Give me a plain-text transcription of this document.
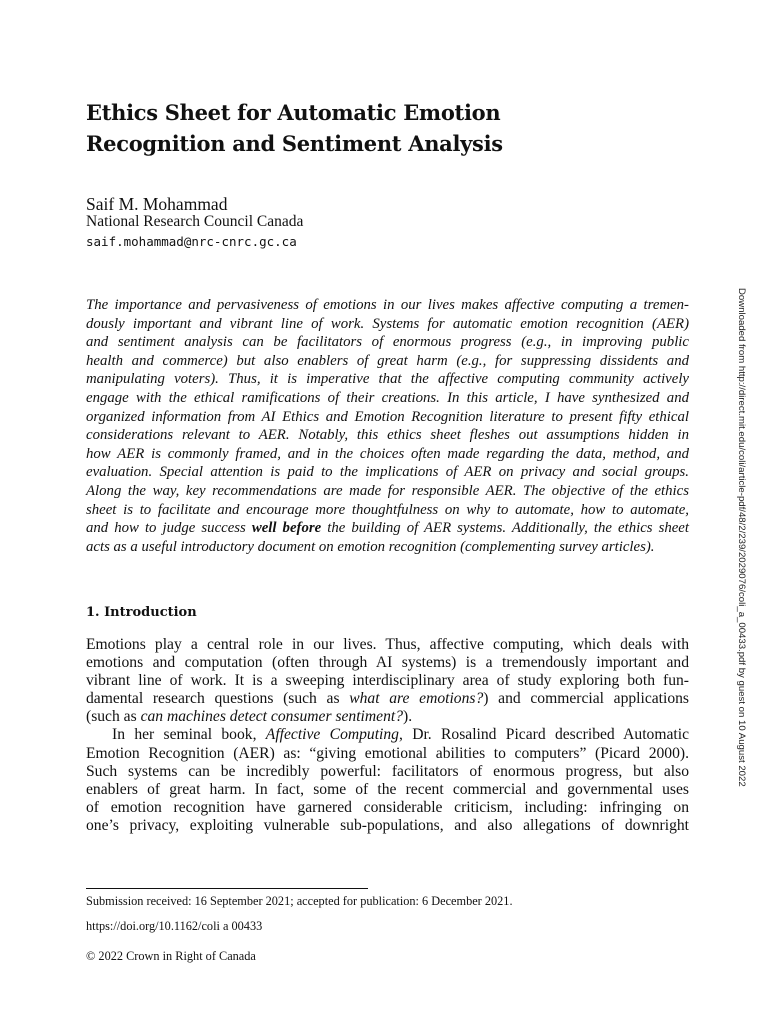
Ethics Sheet for Automatic Emotion
Recognition and Sentiment Analysis
Saif M. Mohammad
National Research Council Canada
saif.mohammad@nrc-cnrc.gc.ca
The importance and pervasiveness of emotions in our lives makes affective computing a tremen-
dously important and vibrant line of work. Systems for automatic emotion recognition (AER)
and sentiment analysis can be facilitators of enormous progress (e.g., in improving public
health and commerce) but also enablers of great harm (e.g., for suppressing dissidents and
manipulating voters). Thus, it is imperative that the affective computing community actively
engage with the ethical ramifications of their creations. In this article, I have synthesized and
organized information from AI Ethics and Emotion Recognition literature to present fifty ethical
considerations relevant to AER. Notably, this ethics sheet fleshes out assumptions hidden in
how AER is commonly framed, and in the choices often made regarding the data, method, and
evaluation. Special attention is paid to the implications of AER on privacy and social groups.
Along the way, key recommendations are made for responsible AER. The objective of the ethics
sheet is to facilitate and encourage more thoughtfulness on why to automate, how to automate,
and how to judge success well before the building of AER systems. Additionally, the ethics sheet
acts as a useful introductory document on emotion recognition (complementing survey articles).
1. Introduction
Emotions play a central role in our lives. Thus, affective computing, which deals with
emotions and computation (often through AI systems) is a tremendously important and
vibrant line of work. It is a sweeping interdisciplinary area of study exploring both fun-
damental research questions (such as what are emotions?) and commercial applications
(such as can machines detect consumer sentiment?).
In her seminal book, Affective Computing, Dr. Rosalind Picard described Automatic
Emotion Recognition (AER) as: “giving emotional abilities to computers” (Picard 2000).
Such systems can be incredibly powerful: facilitators of enormous progress, but also
enablers of great harm. In fact, some of the recent commercial and governmental uses
of emotion recognition have garnered considerable criticism, including: infringing on
one’s privacy, exploiting vulnerable sub-populations, and also allegations of downright
Submission received: 16 September 2021; accepted for publication: 6 December 2021.
https://doi.org/10.1162/coli a 00433
© 2022 Crown in Right of Canada
Downloaded from http://direct.mit.edu/coli/article-pdf/48/2/239/2029076/coli_a_00433.pdf by guest on 10 August 2022
